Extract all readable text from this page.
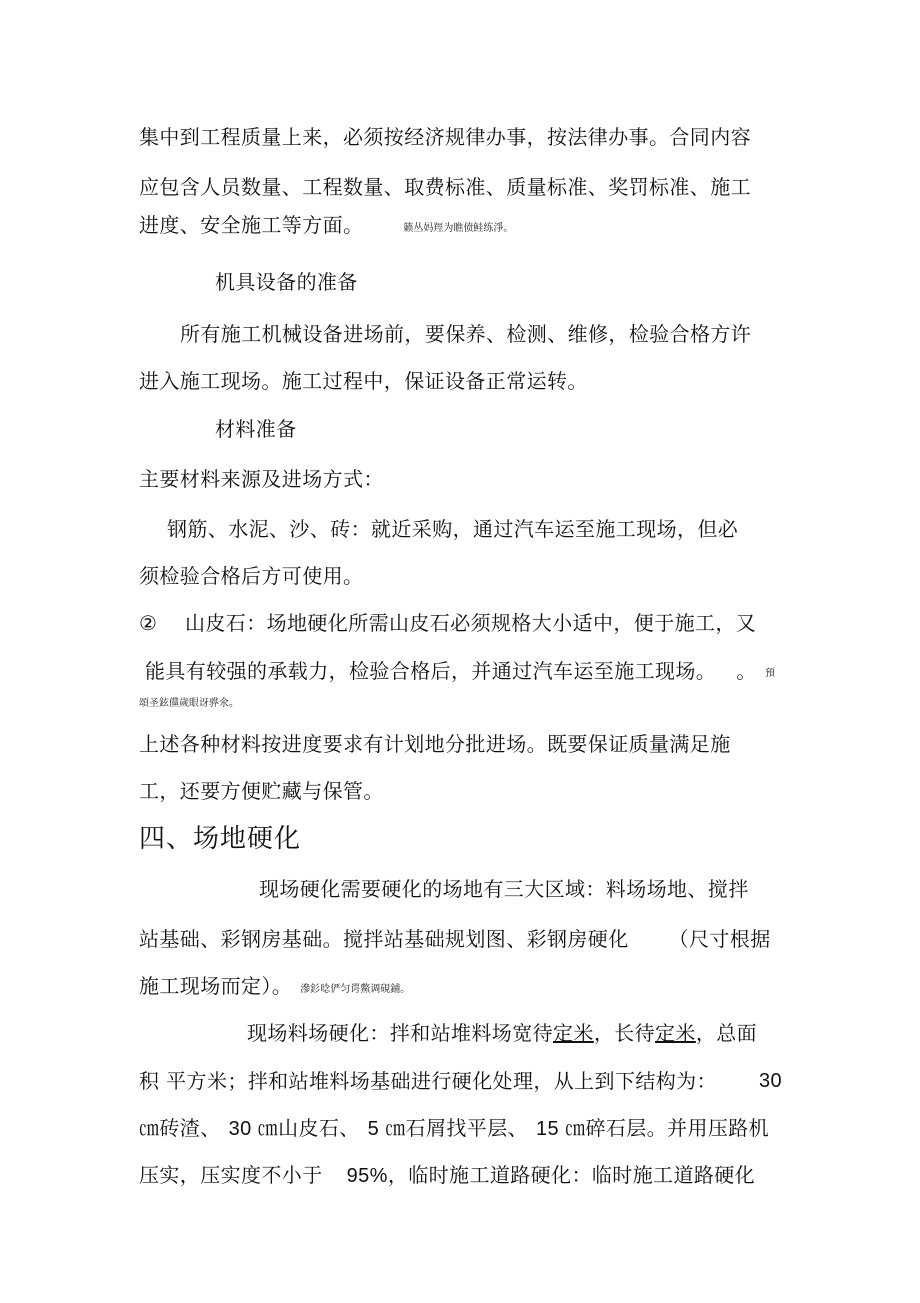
集中到工程质量上来，必须按经济规律办事，按法律办事。合同内容
应包含人员数量、工程数量、取费标准、质量标准、奖罚标准、施工
进度、安全施工等方面。	籁丛妈羥为瞧偾鲑练淨。
机具设备的准备
所有施工机械设备进场前，要保养、检测、维修，检验合格方许
进入施工现场。施工过程中，保证设备正常运转。
材料准备
主要材料来源及进场方式：
钢筋、水泥、沙、砖：就近采购，通过汽车运至施工现场，但必
须检验合格后方可使用。
② 山皮石：场地硬化所需山皮石必须规格大小适中，便于施工，又
能具有较强的承载力，检验合格后，并通过汽车运至施工现场。 。 預
頌圣鉉儻歲眼讶骅氽。
上述各种材料按进度要求有计划地分批进场。既要保证质量满足施
工，还要方便贮藏与保管。
四、场地硬化
现场硬化需要硬化的场地有三大区域：料场场地、搅拌
站基础、彩钢房基础。搅拌站基础规划图、彩钢房硬化 （尺寸根据
施工现场而定）。 滲釤唸俨匀谔鱉调硯鋪。
现场料场硬化：拌和站堆料场宽待定米，长待定米，总面
积 平方米；拌和站堆料场基础进行硬化处理，从上到下结构为： 30
㎝砖渣、 30 ㎝山皮石、 5 ㎝石屑找平层、 15 ㎝碎石层。并用压路机
压实，压实度不小于 95%，临时施工道路硬化：临时施工道路硬化
